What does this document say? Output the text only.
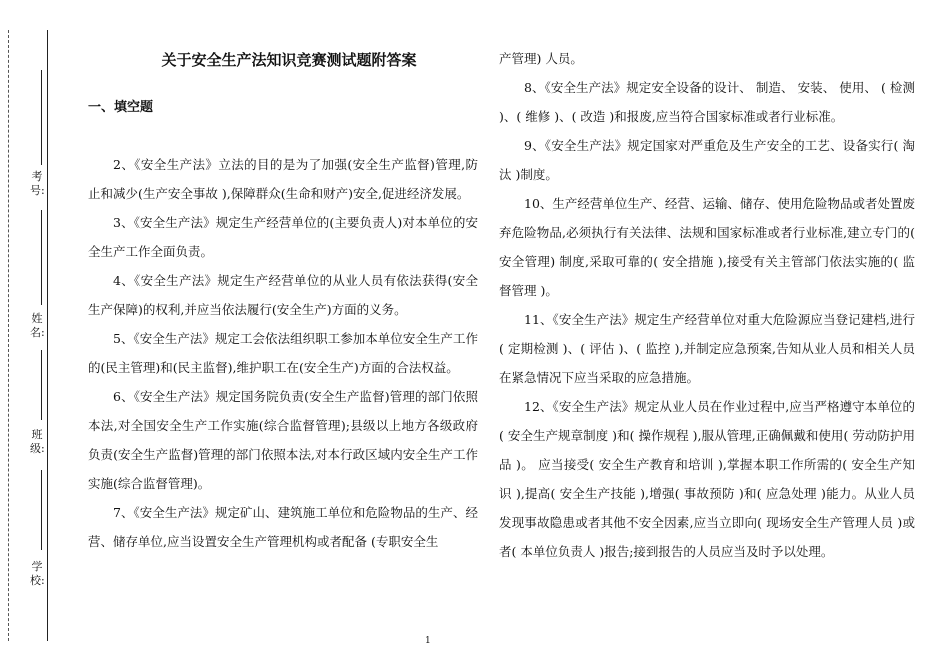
考号:
姓名:
班级:
学校:
关于安全生产法知识竞赛测试题附答案
一、填空题

2、《安全生产法》立法的目的是为了加强(安全生产监督)管理,防止和减少(生产安全事故 ),保障群众(生命和财产)安全,促进经济发展。

3、《安全生产法》规定生产经营单位的(主要负责人)对本单位的安全生产工作全面负责。

4、《安全生产法》规定生产经营单位的从业人员有依法获得(安全生产保障)的权利,并应当依法履行(安全生产)方面的义务。

5、《安全生产法》规定工会依法组织职工参加本单位安全生产工作的(民主管理)和(民主监督),维护职工在(安全生产)方面的合法权益。

6、《安全生产法》规定国务院负责(安全生产监督)管理的部门依照本法,对全国安全生产工作实施(综合监督管理);县级以上地方各级政府负责(安全生产监督)管理的部门依照本法,对本行政区域内安全生产工作实施(综合监督管理)。

7、《安全生产法》规定矿山、建筑施工单位和危险物品的生产、经营、储存单位,应当设置安全生产管理机构或者配备 (专职安全生

产管理) 人员。

8、《安全生产法》规定安全设备的设计、 制造、 安装、 使用、 ( 检测 )、( 维修 )、( 改造 )和报废,应当符合国家标准或者行业标准。

9、《安全生产法》规定国家对严重危及生产安全的工艺、设备实行( 淘汰 )制度。

10、生产经营单位生产、经营、运输、储存、使用危险物品或者处置废弃危险物品,必须执行有关法律、法规和国家标准或者行业标准,建立专门的( 安全管理) 制度,采取可靠的( 安全措施 ),接受有关主管部门依法实施的( 监督管理 )。

11、《安全生产法》规定生产经营单位对重大危险源应当登记建档,进行( 定期检测 )、( 评估 )、( 监控 ),并制定应急预案,告知从业人员和相关人员在紧急情况下应当采取的应急措施。

12、《安全生产法》规定从业人员在作业过程中,应当严格遵守本单位的( 安全生产规章制度 )和( 操作规程 ),服从管理,正确佩戴和使用( 劳动防护用品 )。 应当接受( 安全生产教育和培训 ),掌握本职工作所需的( 安全生产知识 ),提高( 安全生产技能 ),增强( 事故预防 )和( 应急处理 )能力。从业人员发现事故隐患或者其他不安全因素,应当立即向( 现场安全生产管理人员 )或者( 本单位负责人 )报告;接到报告的人员应当及时予以处理。

1
